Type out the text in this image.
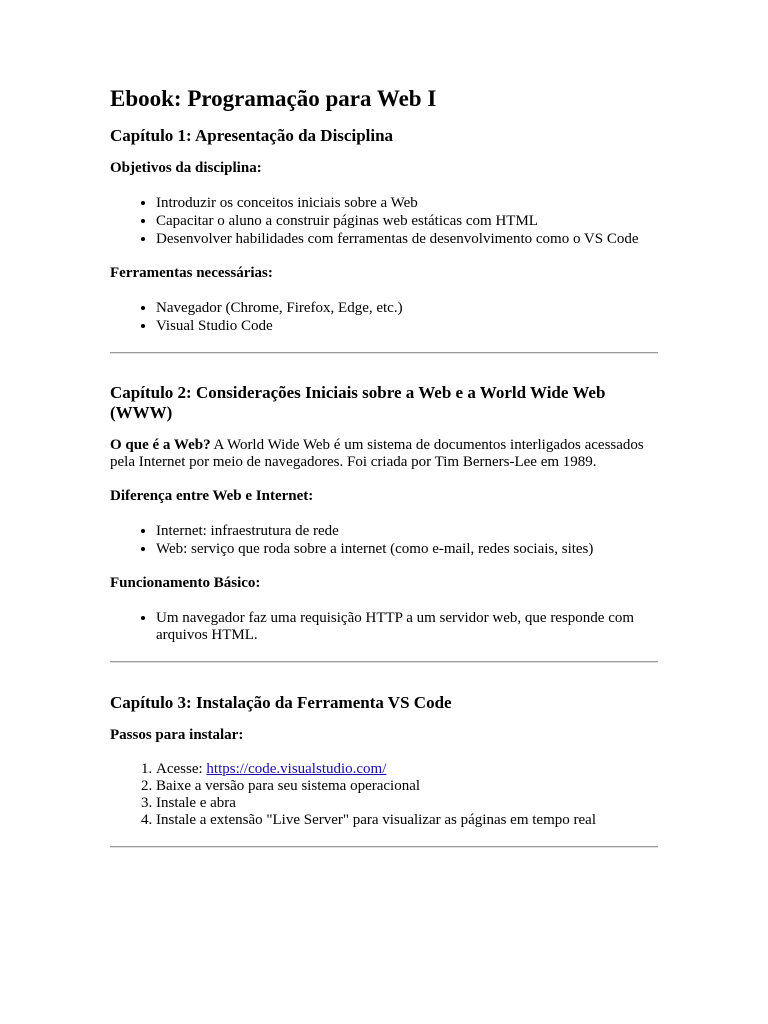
Ebook: Programação para Web I
Capítulo 1: Apresentação da Disciplina
Objetivos da disciplina:
• Introduzir os conceitos iniciais sobre a Web
• Capacitar o aluno a construir páginas web estáticas com HTML
• Desenvolver habilidades com ferramentas de desenvolvimento como o VS Code
Ferramentas necessárias:
• Navegador (Chrome, Firefox, Edge, etc.)
• Visual Studio Code
Capítulo 2: Considerações Iniciais sobre a Web e a World Wide Web (WWW)

O que é a Web? A World Wide Web é um sistema de documentos interligados acessados pela Internet por meio de navegadores. Foi criada por Tim Berners-Lee em 1989.

Diferença entre Web e Internet:
• Internet: infraestrutura de rede
• Web: serviço que roda sobre a internet (como e-mail, redes sociais, sites)
Funcionamento Básico:
• Um navegador faz uma requisição HTTP a um servidor web, que responde com arquivos HTML.
Capítulo 3: Instalação da Ferramenta VS Code
Passos para instalar:
1. Acesse: https://code.visualstudio.com/
2. Baixe a versão para seu sistema operacional
3. Instale e abra
4. Instale a extensão "Live Server" para visualizar as páginas em tempo real
